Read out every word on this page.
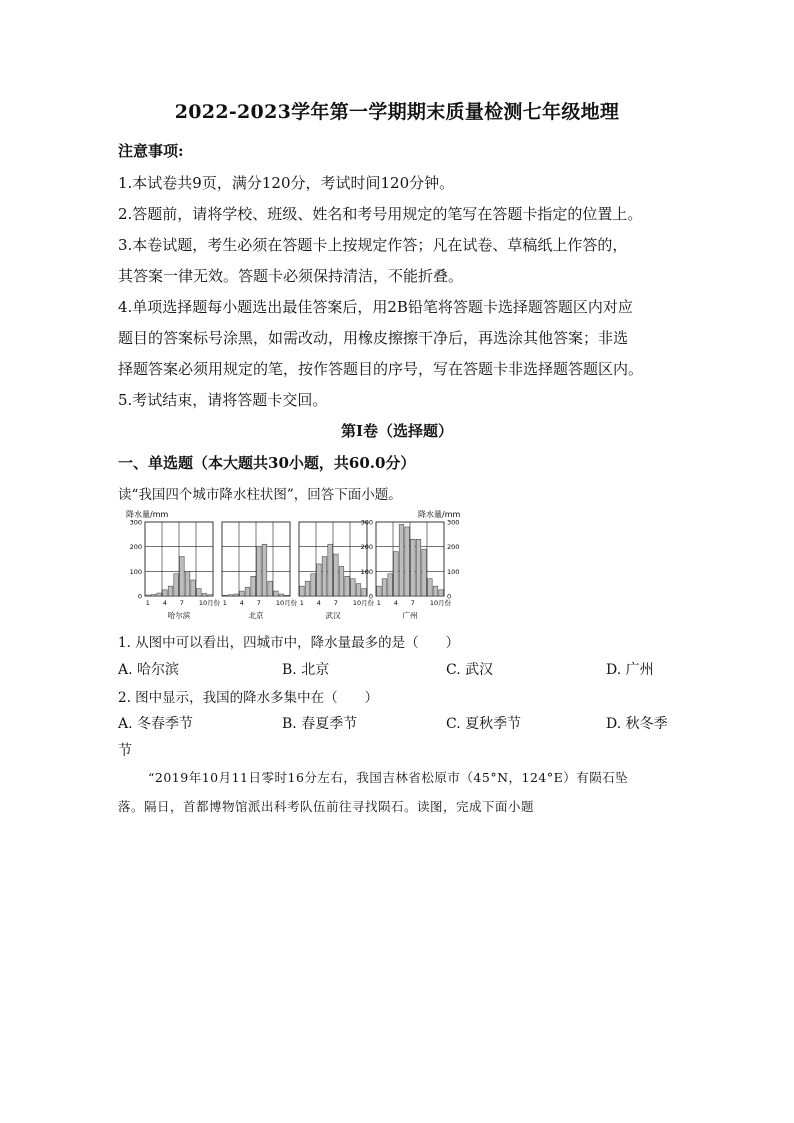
2022-2023学年第一学期期末质量检测七年级地理
注意事项:
1.本试卷共9页，满分120分，考试时间120分钟。
2.答题前，请将学校、班级、姓名和考号用规定的笔写在答题卡指定的位置上。
3.本卷试题，考生必须在答题卡上按规定作答；凡在试卷、草稿纸上作答的，
其答案一律无效。答题卡必须保持清洁，不能折叠。
4.单项选择题每小题选出最佳答案后，用2B铅笔将答题卡选择题答题区内对应
题目的答案标号涂黑，如需改动，用橡皮擦擦干净后，再选涂其他答案；非选
择题答案必须用规定的笔，按作答题目的序号，写在答题卡非选择题答题区内。
5.考试结束，请将答题卡交回。
第I卷（选择题）
一、单选题（本大题共30小题，共60.0分）
读“我国四个城市降水柱状图”，回答下面小题。
降水量/mm	降水量/mm
1 4 7 10月份
哈尔滨
300
200
100
0
1 4 7 10月份
北京
1 4 7 10月份
武汉
1 4 7 10月份
广州
300
200
100
0
300
200
100
0
1. 从图中可以看出，四城市中，降水量最多的是（　　）
A. 哈尔滨	B. 北京	C. 武汉	D. 广州
2. 图中显示，我国的降水多集中在（　　）
A. 冬春季节	B. 春夏季节	C. 夏秋季节	D. 秋冬季
节
“2019年10月11日零时16分左右，我国吉林省松原市（45°N，124°E）有陨石坠
落。隔日，首都博物馆派出科考队伍前往寻找陨石。读图，完成下面小题
